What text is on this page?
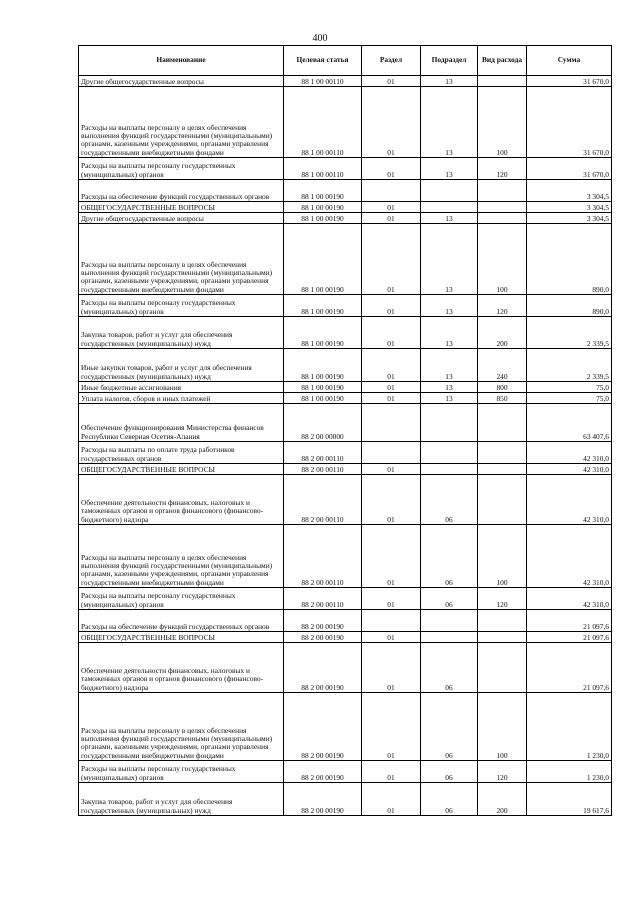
400
Наименование	Целевая статья	Раздел	Подраздел	Вид расхода	Сумма
Другие общегосударственные вопросы	88 1 00 00110	01	13		31 670,0
Расходы на выплаты персоналу в целях обеспечения выполнения функций государственными (муниципальными) органами, казенными учреждениями, органами управления государственными внебюджетными фондами	88 1 00 00110	01	13	100	31 670,0
Расходы на выплаты персоналу государственных (муниципальных) органов	88 1 00 00110	01	13	120	31 670,0
Расходы на обеспечение функций государственных органов	88 1 00 00190				3 304,5
ОБЩЕГОСУДАРСТВЕННЫЕ ВОПРОСЫ	88 1 00 00190	01			3 304,5
Другие общегосударственные вопросы	88 1 00 00190	01	13		3 304,5
Расходы на выплаты персоналу в целях обеспечения выполнения функций государственными (муниципальными) органами, казенными учреждениями, органами управления государственными внебюджетными фондами	88 1 00 00190	01	13	100	890,0
Расходы на выплаты персоналу государственных (муниципальных) органов	88 1 00 00190	01	13	120	890,0
Закупка товаров, работ и услуг для обеспечения государственных (муниципальных) нужд	88 1 00 00190	01	13	200	2 339,5
Иные закупки товаров, работ и услуг для обеспечения государственных (муниципальных) нужд	88 1 00 00190	01	13	240	2 339,5
Иные бюджетные ассигнования	88 1 00 00190	01	13	800	75,0
Уплата налогов, сборов и иных платежей	88 1 00 00190	01	13	850	75,0
Обеспечение функционирования Министерства финансов Республики Северная Осетия-Алания	88 2 00 00000				63 407,6
Расходы на выплаты по оплате труда работников государственных органов	88 2 00 00110				42 310,0
ОБЩЕГОСУДАРСТВЕННЫЕ ВОПРОСЫ	88 2 00 00110	01			42 310,0
Обеспечение деятельности финансовых, налоговых и таможенных органов и органов финансового (финансово-бюджетного) надзора	88 2 00 00110	01	06		42 310,0
Расходы на выплаты персоналу в целях обеспечения выполнения функций государственными (муниципальными) органами, казенными учреждениями, органами управления государственными внебюджетными фондами	88 2 00 00110	01	06	100	42 310,0
Расходы на выплаты персоналу государственных (муниципальных) органов	88 2 00 00110	01	06	120	42 310,0
Расходы на обеспечение функций государственных органов	88 2 00 00190				21 097,6
ОБЩЕГОСУДАРСТВЕННЫЕ ВОПРОСЫ	88 2 00 00190	01			21 097,6
Обеспечение деятельности финансовых, налоговых и таможенных органов и органов финансового (финансово-бюджетного) надзора	88 2 00 00190	01	06		21 097,6
Расходы на выплаты персоналу в целях обеспечения выполнения функций государственными (муниципальными) органами, казенными учреждениями, органами управления государственными внебюджетными фондами	88 2 00 00190	01	06	100	1 230,0
Расходы на выплаты персоналу государственных (муниципальных) органов	88 2 00 00190	01	06	120	1 230,0
Закупка товаров, работ и услуг для обеспечения государственных (муниципальных) нужд	88 2 00 00190	01	06	200	19 617,6
